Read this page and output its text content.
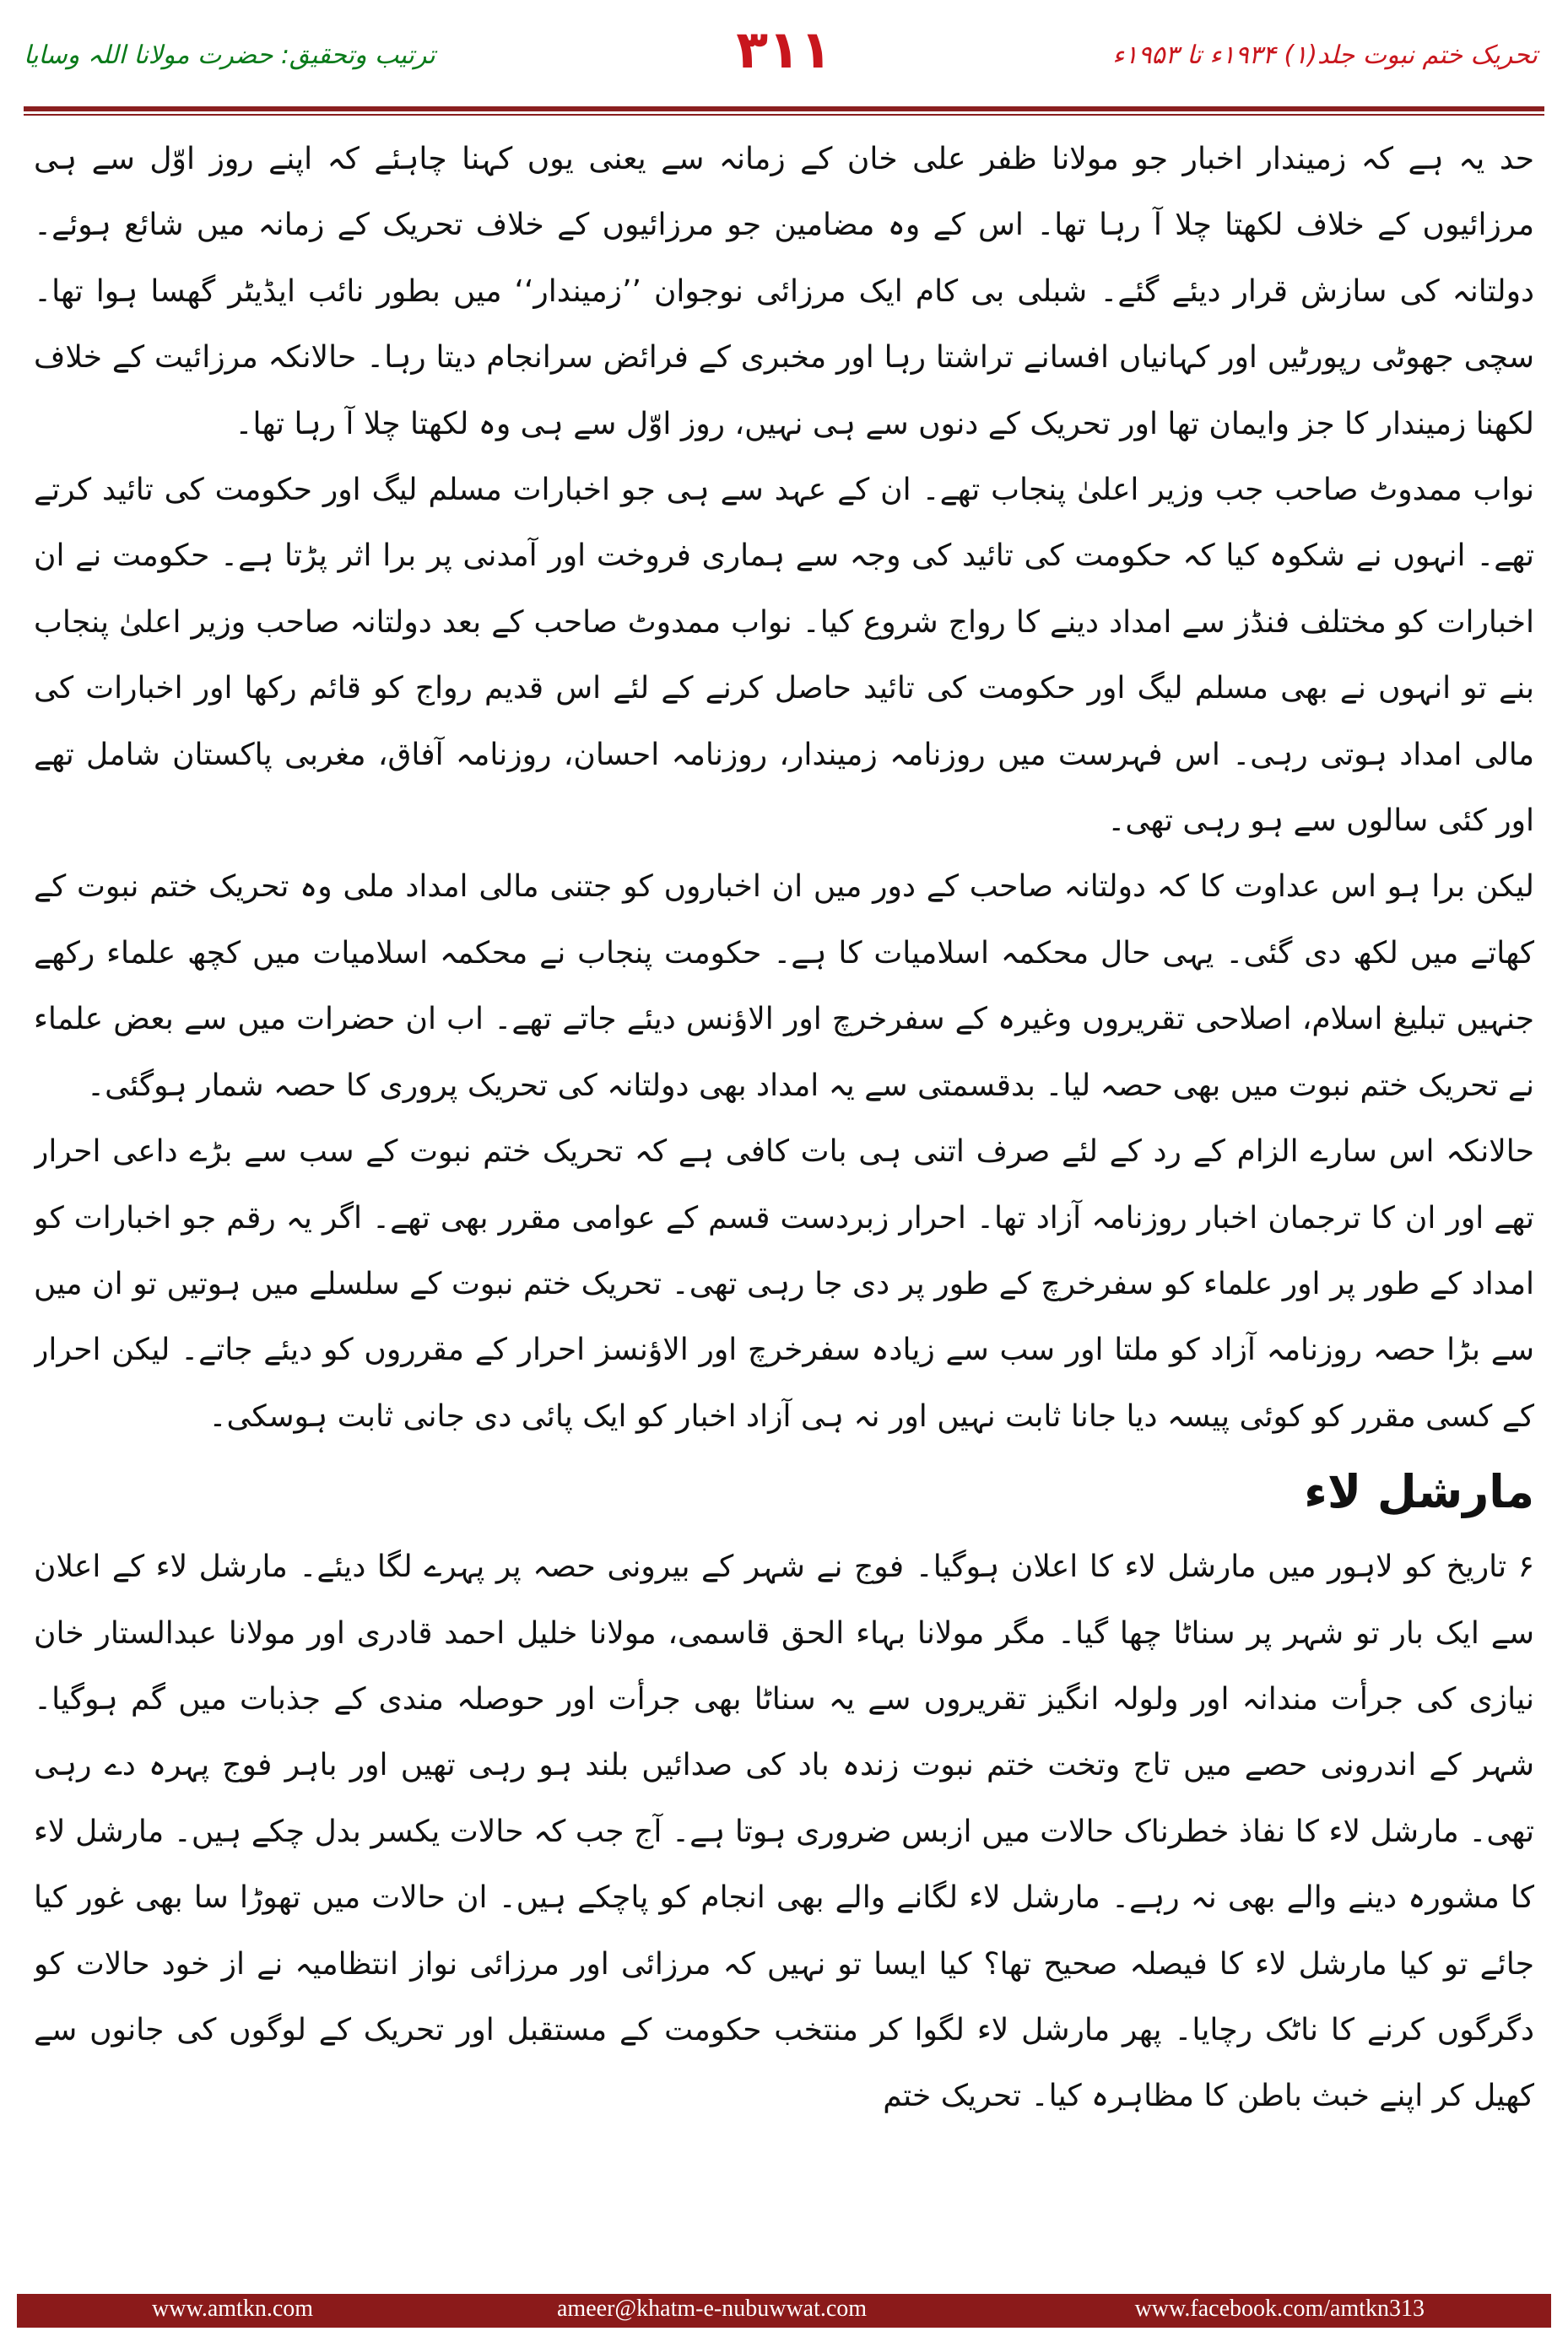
ترتیب وتحقیق: حضرت مولانا اللہ وسایا	۳۱۱	تحریک ختم نبوت جلد(۱) ۱۹۳۴ء تا ۱۹۵۳ء

حد یہ ہے کہ زمیندار اخبار جو مولانا ظفر علی خان کے زمانہ سے یعنی یوں کہنا چاہئے کہ اپنے روز اوّل سے ہی مرزائیوں کے خلاف لکھتا چلا آ رہا تھا۔ اس کے وہ مضامین جو مرزائیوں کے خلاف تحریک کے زمانہ میں شائع ہوئے۔ دولتانہ کی سازش قرار دیئے گئے۔ شبلی بی کام ایک مرزائی نوجوان ’’زمیندار‘‘ میں بطور نائب ایڈیٹر گھسا ہوا تھا۔ سچی جھوٹی رپورٹیں اور کہانیاں افسانے تراشتا رہا اور مخبری کے فرائض سرانجام دیتا رہا۔ حالانکہ مرزائیت کے خلاف لکھنا زمیندار کا جز وایمان تھا اور تحریک کے دنوں سے ہی نہیں، روز اوّل سے ہی وہ لکھتا چلا آ رہا تھا۔

نواب ممدوٹ صاحب جب وزیر اعلیٰ پنجاب تھے۔ ان کے عہد سے ہی جو اخبارات مسلم لیگ اور حکومت کی تائید کرتے تھے۔ انہوں نے شکوہ کیا کہ حکومت کی تائید کی وجہ سے ہماری فروخت اور آمدنی پر برا اثر پڑتا ہے۔ حکومت نے ان اخبارات کو مختلف فنڈز سے امداد دینے کا رواج شروع کیا۔ نواب ممدوٹ صاحب کے بعد دولتانہ صاحب وزیر اعلیٰ پنجاب بنے تو انہوں نے بھی مسلم لیگ اور حکومت کی تائید حاصل کرنے کے لئے اس قدیم رواج کو قائم رکھا اور اخبارات کی مالی امداد ہوتی رہی۔ اس فہرست میں روزنامہ زمیندار، روزنامہ احسان، روزنامہ آفاق، مغربی پاکستان شامل تھے اور کئی سالوں سے ہو رہی تھی۔

لیکن برا ہو اس عداوت کا کہ دولتانہ صاحب کے دور میں ان اخباروں کو جتنی مالی امداد ملی وہ تحریک ختم نبوت کے کھاتے میں لکھ دی گئی۔ یہی حال محکمہ اسلامیات کا ہے۔ حکومت پنجاب نے محکمہ اسلامیات میں کچھ علماء رکھے جنہیں تبلیغ اسلام، اصلاحی تقریروں وغیرہ کے سفرخرچ اور الاؤنس دیئے جاتے تھے۔ اب ان حضرات میں سے بعض علماء نے تحریک ختم نبوت میں بھی حصہ لیا۔ بدقسمتی سے یہ امداد بھی دولتانہ کی تحریک پروری کا حصہ شمار ہوگئی۔

حالانکہ اس سارے الزام کے رد کے لئے صرف اتنی ہی بات کافی ہے کہ تحریک ختم نبوت کے سب سے بڑے داعی احرار تھے اور ان کا ترجمان اخبار روزنامہ آزاد تھا۔ احرار زبردست قسم کے عوامی مقرر بھی تھے۔ اگر یہ رقم جو اخبارات کو امداد کے طور پر اور علماء کو سفرخرچ کے طور پر دی جا رہی تھی۔ تحریک ختم نبوت کے سلسلے میں ہوتیں تو ان میں سے بڑا حصہ روزنامہ آزاد کو ملتا اور سب سے زیادہ سفرخرچ اور الاؤنسز احرار کے مقرروں کو دیئے جاتے۔ لیکن احرار کے کسی مقرر کو کوئی پیسہ دیا جانا ثابت نہیں اور نہ ہی آزاد اخبار کو ایک پائی دی جانی ثابت ہوسکی۔

مارشل لاء

۶ تاریخ کو لاہور میں مارشل لاء کا اعلان ہوگیا۔ فوج نے شہر کے بیرونی حصہ پر پہرے لگا دیئے۔ مارشل لاء کے اعلان سے ایک بار تو شہر پر سناٹا چھا گیا۔ مگر مولانا بہاء الحق قاسمی، مولانا خلیل احمد قادری اور مولانا عبدالستار خان نیازی کی جرأت مندانہ اور ولولہ انگیز تقریروں سے یہ سناٹا بھی جرأت اور حوصلہ مندی کے جذبات میں گم ہوگیا۔ شہر کے اندرونی حصے میں تاج وتخت ختم نبوت زندہ باد کی صدائیں بلند ہو رہی تھیں اور باہر فوج پہرہ دے رہی تھی۔ مارشل لاء کا نفاذ خطرناک حالات میں ازبس ضروری ہوتا ہے۔ آج جب کہ حالات یکسر بدل چکے ہیں۔ مارشل لاء کا مشورہ دینے والے بھی نہ رہے۔ مارشل لاء لگانے والے بھی انجام کو پاچکے ہیں۔ ان حالات میں تھوڑا سا بھی غور کیا جائے تو کیا مارشل لاء کا فیصلہ صحیح تھا؟ کیا ایسا تو نہیں کہ مرزائی اور مرزائی نواز انتظامیہ نے از خود حالات کو دگرگوں کرنے کا ناٹک رچایا۔ پھر مارشل لاء لگوا کر منتخب حکومت کے مستقبل اور تحریک کے لوگوں کی جانوں سے کھیل کر اپنے خبث باطن کا مظاہرہ کیا۔ تحریک ختم

www.amtkn.com	ameer@khatm-e-nubuwwat.com	www.facebook.com/amtkn313
